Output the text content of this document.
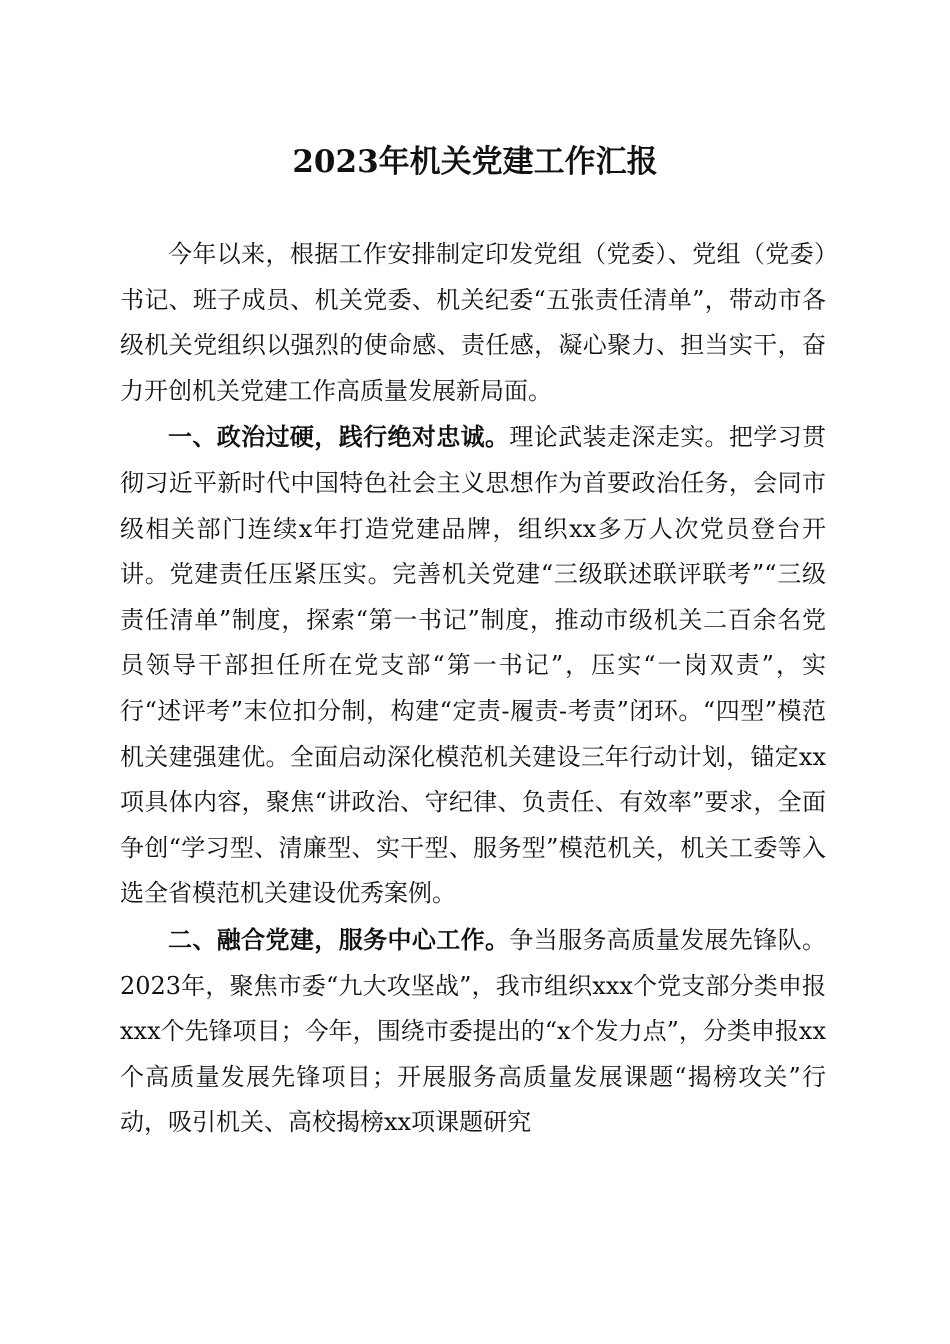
2023年机关党建工作汇报

今年以来，根据工作安排制定印发党组（党委）、党组（党委）书记、班子成员、机关党委、机关纪委“五张责任清单”，带动市各级机关党组织以强烈的使命感、责任感，凝心聚力、担当实干，奋力开创机关党建工作高质量发展新局面。

一、政治过硬，践行绝对忠诚。理论武装走深走实。把学习贯彻习近平新时代中国特色社会主义思想作为首要政治任务，会同市级相关部门连续x年打造党建品牌，组织xx多万人次党员登台开讲。党建责任压紧压实。完善机关党建“三级联述联评联考”“三级责任清单”制度，探索“第一书记”制度，推动市级机关二百余名党员领导干部担任所在党支部“第一书记”，压实“一岗双责”，实行“述评考”末位扣分制，构建“定责-履责-考责”闭环。“四型”模范机关建强建优。全面启动深化模范机关建设三年行动计划，锚定xx项具体内容，聚焦“讲政治、守纪律、负责任、有效率”要求，全面争创“学习型、清廉型、实干型、服务型”模范机关，机关工委等入选全省模范机关建设优秀案例。

二、融合党建，服务中心工作。争当服务高质量发展先锋队。2023年，聚焦市委“九大攻坚战”，我市组织xxx个党支部分类申报xxx个先锋项目；今年，围绕市委提出的“x个发力点”，分类申报xx个高质量发展先锋项目；开展服务高质量发展课题“揭榜攻关”行动，吸引机关、高校揭榜xx项课题研究
